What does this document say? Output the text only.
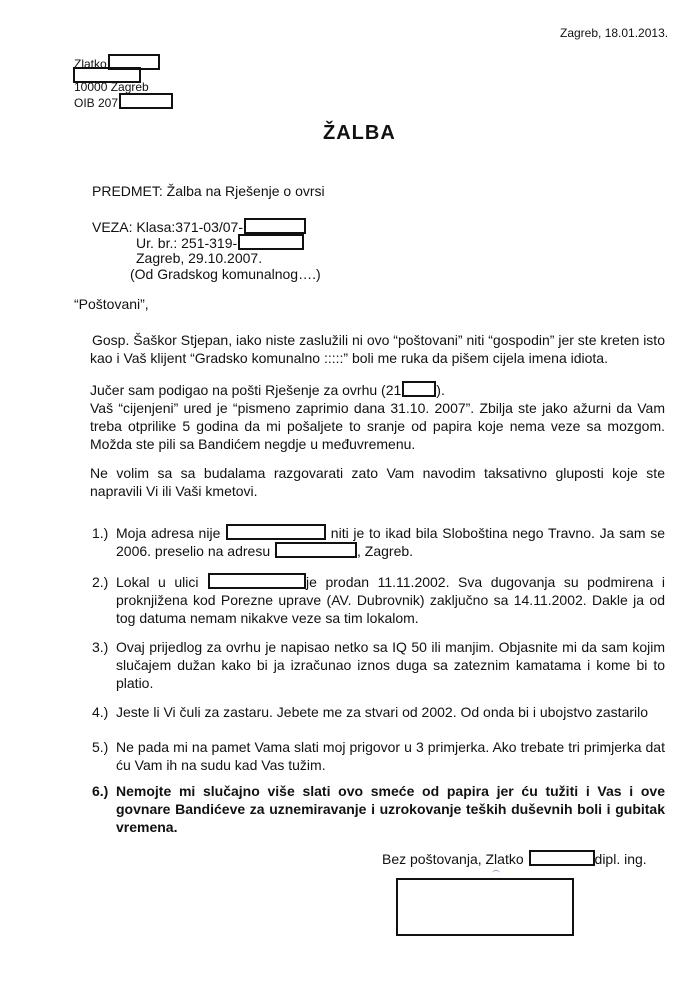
Zagreb, 18.01.2013.
Zlatko
10000 Zagreb
OIB 207
ŽALBA
PREDMET: Žalba na Rješenje o ovrsi
VEZA: Klasa:371-03/07-
Ur. br.: 251-319-
Zagreb, 29.10.2007.
(Od Gradskog komunalnog….)
“Poštovani”,
Gosp. Šaškor Stjepan, iako niste zaslužili ni ovo “poštovani” niti “gospodin” jer ste kreten isto kao i Vaš klijent “Gradsko komunalno :::::” boli me ruka da pišem cijela imena idiota.
Jučer sam podigao na pošti Rješenje za ovrhu (21	).
Vaš “cijenjeni” ured je “pismeno zaprimio dana 31.10. 2007”. Zbilja ste jako ažurni da Vam treba otprilike 5 godina da mi pošaljete to sranje od papira koje nema veze sa mozgom. Možda ste pili sa Bandićem negdje u međuvremenu.
Ne volim sa sa budalama razgovarati zato Vam navodim taksativno gluposti koje ste napravili Vi ili Vaši kmetovi.
1.) Moja adresa nije	niti je to ikad bila Sloboština nego Travno. Ja sam se 2006. preselio na adresu	, Zagreb.
2.) Lokal u ulici	je prodan 11.11.2002. Sva dugovanja su podmirena i proknjižena kod Porezne uprave (AV. Dubrovnik) zaključno sa 14.11.2002. Dakle ja od tog datuma nemam nikakve veze sa tim lokalom.
3.) Ovaj prijedlog za ovrhu je napisao netko sa IQ 50 ili manjim. Objasnite mi da sam kojim slučajem dužan kako bi ja izračunao iznos duga sa zateznim kamatama i kome bi to platio.
4.) Jeste li Vi čuli za zastaru. Jebete me za stvari od 2002. Od onda bi i ubojstvo zastarilo
5.) Ne pada mi na pamet Vama slati moj prigovor u 3 primjerka. Ako trebate tri primjerka dat ću Vam ih na sudu kad Vas tužim.
6.) Nemojte mi slučajno više slati ovo smeće od papira jer ću tužiti i Vas i ove govnare Bandićeve za uznemiravanje i uzrokovanje teških duševnih boli i gubitak vremena.
Bez poštovanja, Zlatko	dipl. ing.
